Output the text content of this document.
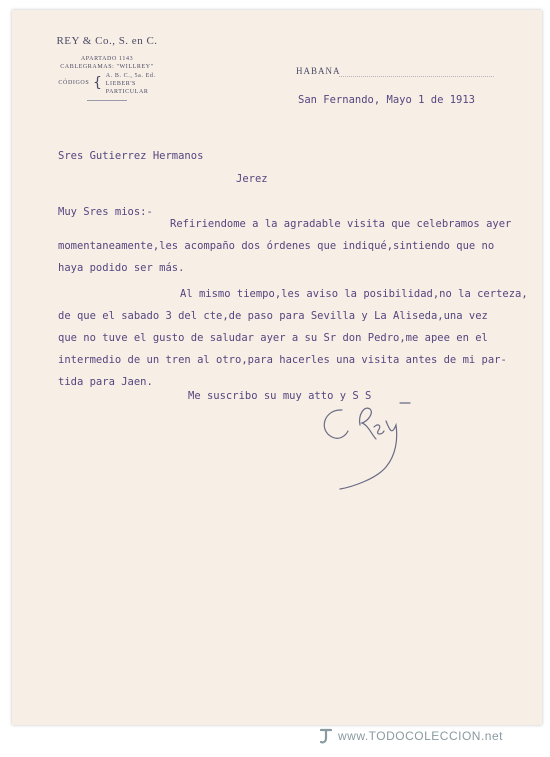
REY & Co., S. en C.
APARTADO 1143
CABLEGRAMAS: "WILLREY"
CÓDIGOS { A. B. C., 5a. Ed.
LIEBER'S
PARTICULAR
HABANA
San Fernando, Mayo 1 de 1913
Sres Gutierrez Hermanos
Jerez
Muy Sres mios:-
Refiriendome a la agradable visita que celebramos ayer
momentaneamente,les acompaño dos órdenes que indiqué,sintiendo que no
haya podido ser más.
Al mismo tiempo,les aviso la posibilidad,no la certeza,
de que el sabado 3 del cte,de paso para Sevilla y La Aliseda,una vez
que no tuve el gusto de saludar ayer a su Sr don Pedro,me apee en el
intermedio de un tren al otro,para hacerles una visita antes de mi par-
tida para Jaen.
Me suscribo su muy atto y S S
www.TODOCOLECCION.net
